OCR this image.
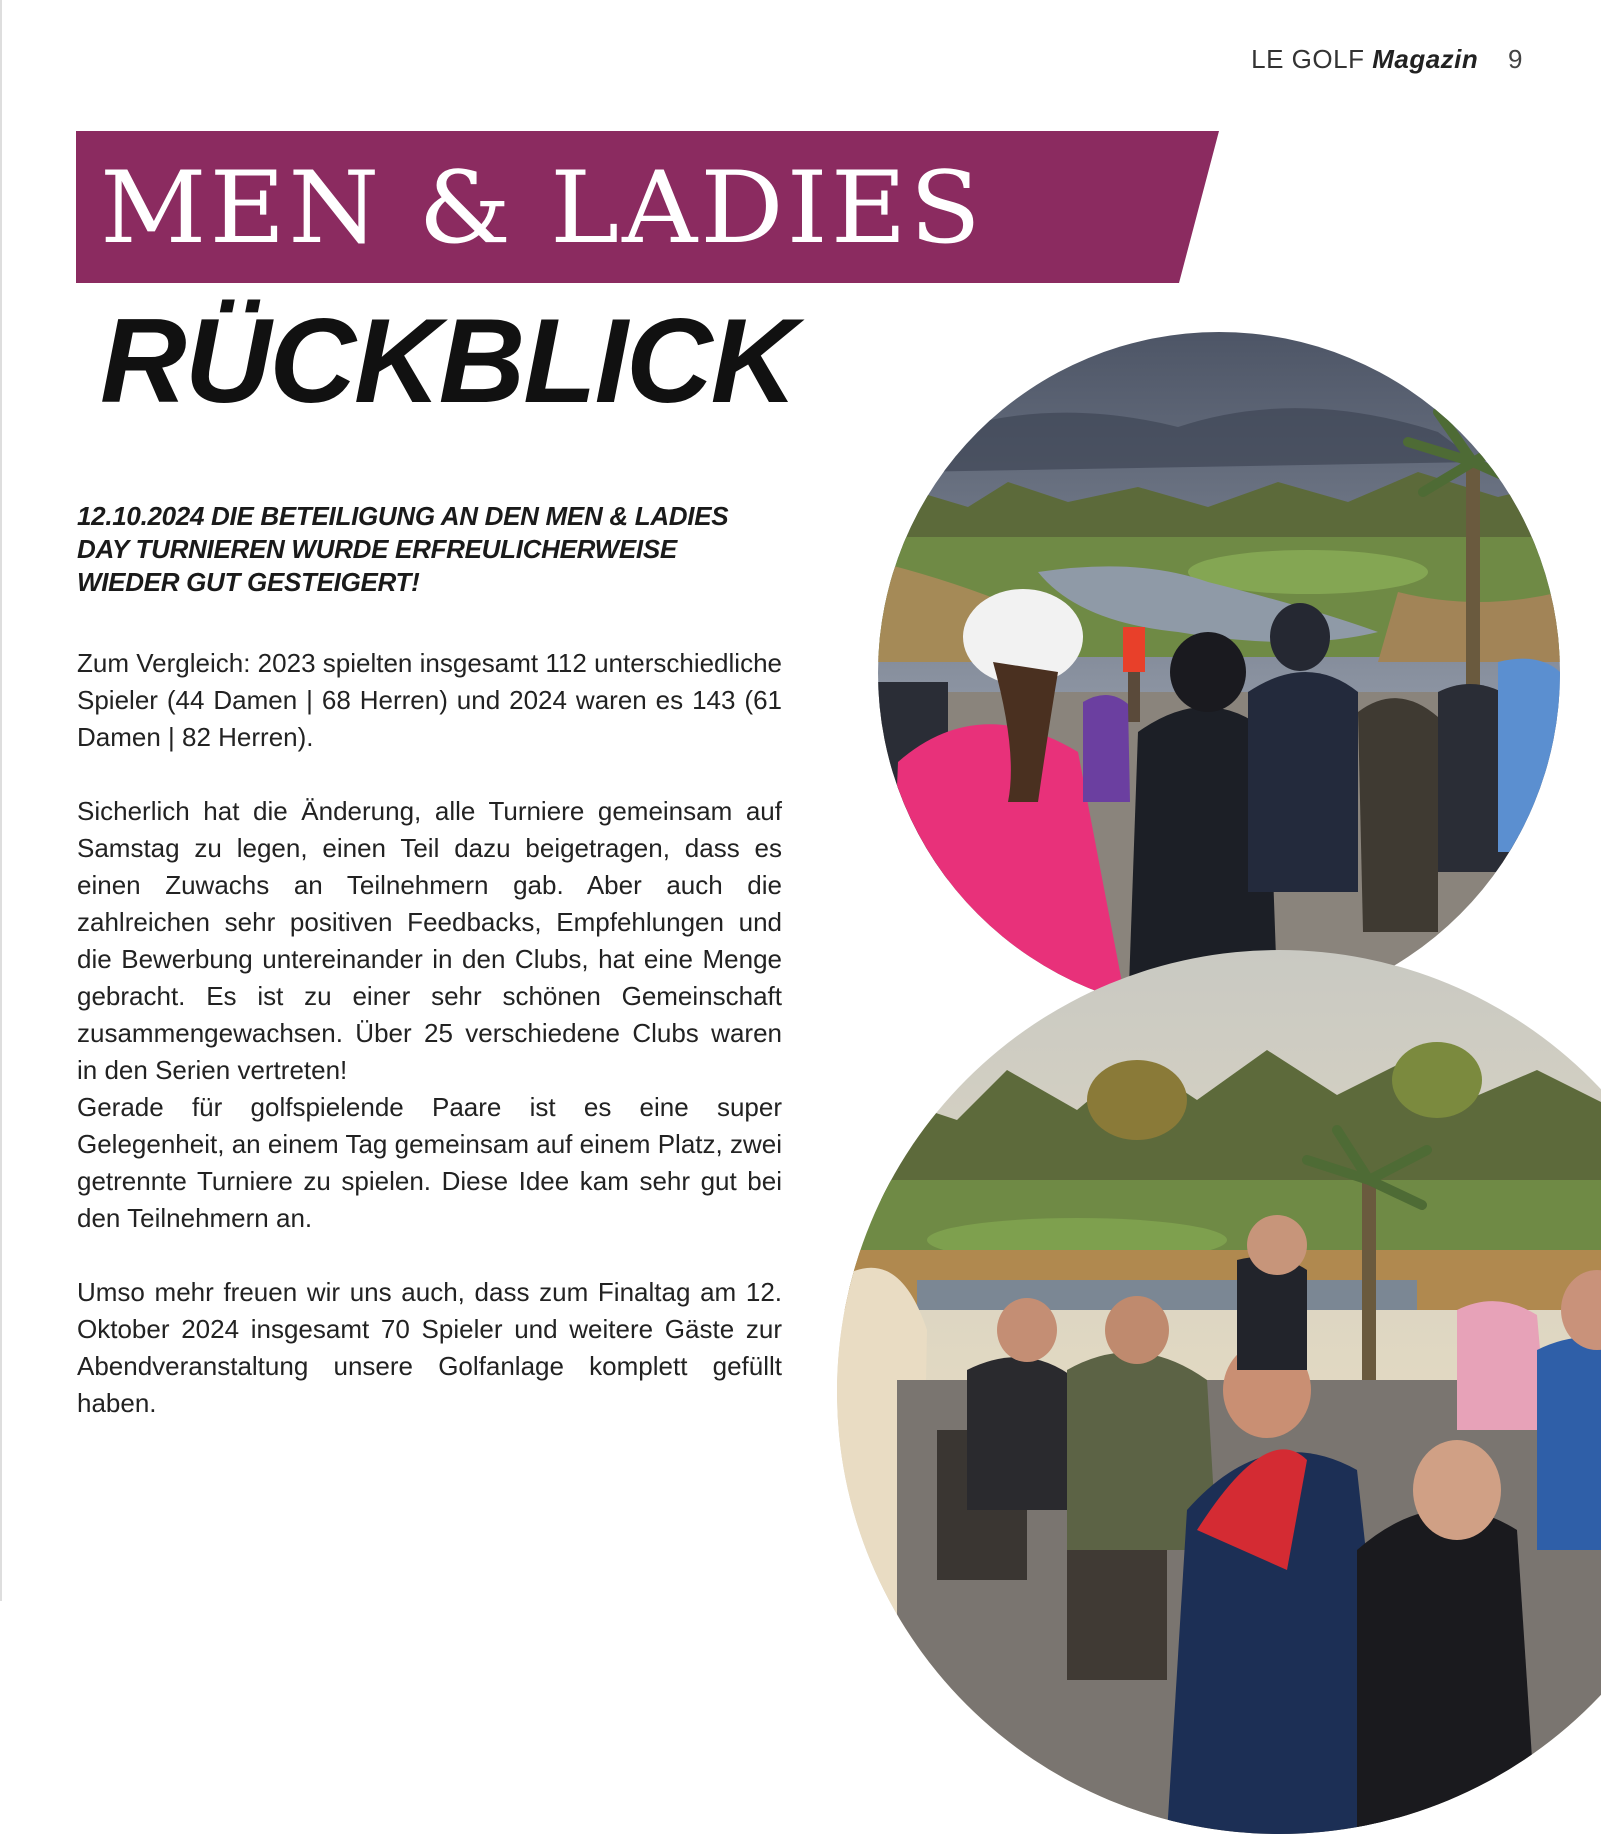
LE GOLF Magazin 9
MEN & LADIES
RÜCKBLICK

12.10.2024 DIE BETEILIGUNG AN DEN MEN & LADIES DAY TURNIEREN WURDE ERFREULICHERWEISE WIEDER GUT GESTEIGERT!

Zum Vergleich: 2023 spielten insgesamt 112 unterschiedliche Spieler (44 Damen | 68 Herren) und 2024 waren es 143 (61 Damen | 82 Herren).

Sicherlich hat die Änderung, alle Turniere gemeinsam auf Samstag zu legen, einen Teil dazu beigetragen, dass es einen Zuwachs an Teilnehmern gab. Aber auch die zahlreichen sehr positiven Feedbacks, Empfehlungen und die Bewerbung untereinander in den Clubs, hat eine Menge gebracht. Es ist zu einer sehr schönen Gemeinschaft zusammengewachsen. Über 25 verschiedene Clubs waren in den Serien vertreten!

Gerade für golfspielende Paare ist es eine super Gelegenheit, an einem Tag gemeinsam auf einem Platz, zwei getrennte Turniere zu spielen. Diese Idee kam sehr gut bei den Teilnehmern an.

Umso mehr freuen wir uns auch, dass zum Finaltag am 12. Oktober 2024 insgesamt 70 Spieler und weitere Gäste zur Abendveranstaltung unsere Golfanlage komplett gefüllt haben.
